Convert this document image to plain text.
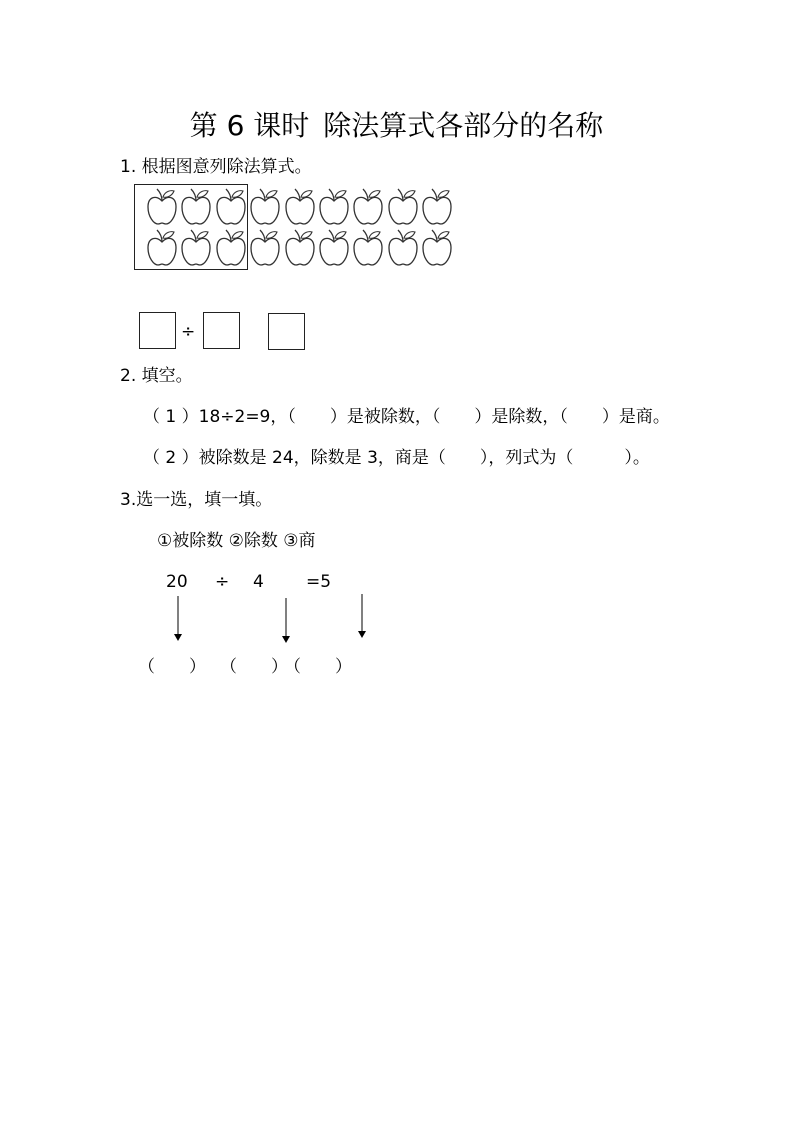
第 6 课时 除法算式各部分的名称
1. 根据图意列除法算式。
÷
2. 填空。
（ 1 ）18÷2=9，（　　）是被除数，（　　）是除数，（　　）是商。
（ 2 ）被除数是 24，除数是 3，商是（　　），列式为（　　　）。
3.选一选，填一填。
①被除数 ②除数 ③商
20 ÷ 4 =5
（　　） （　　）
（　　）
